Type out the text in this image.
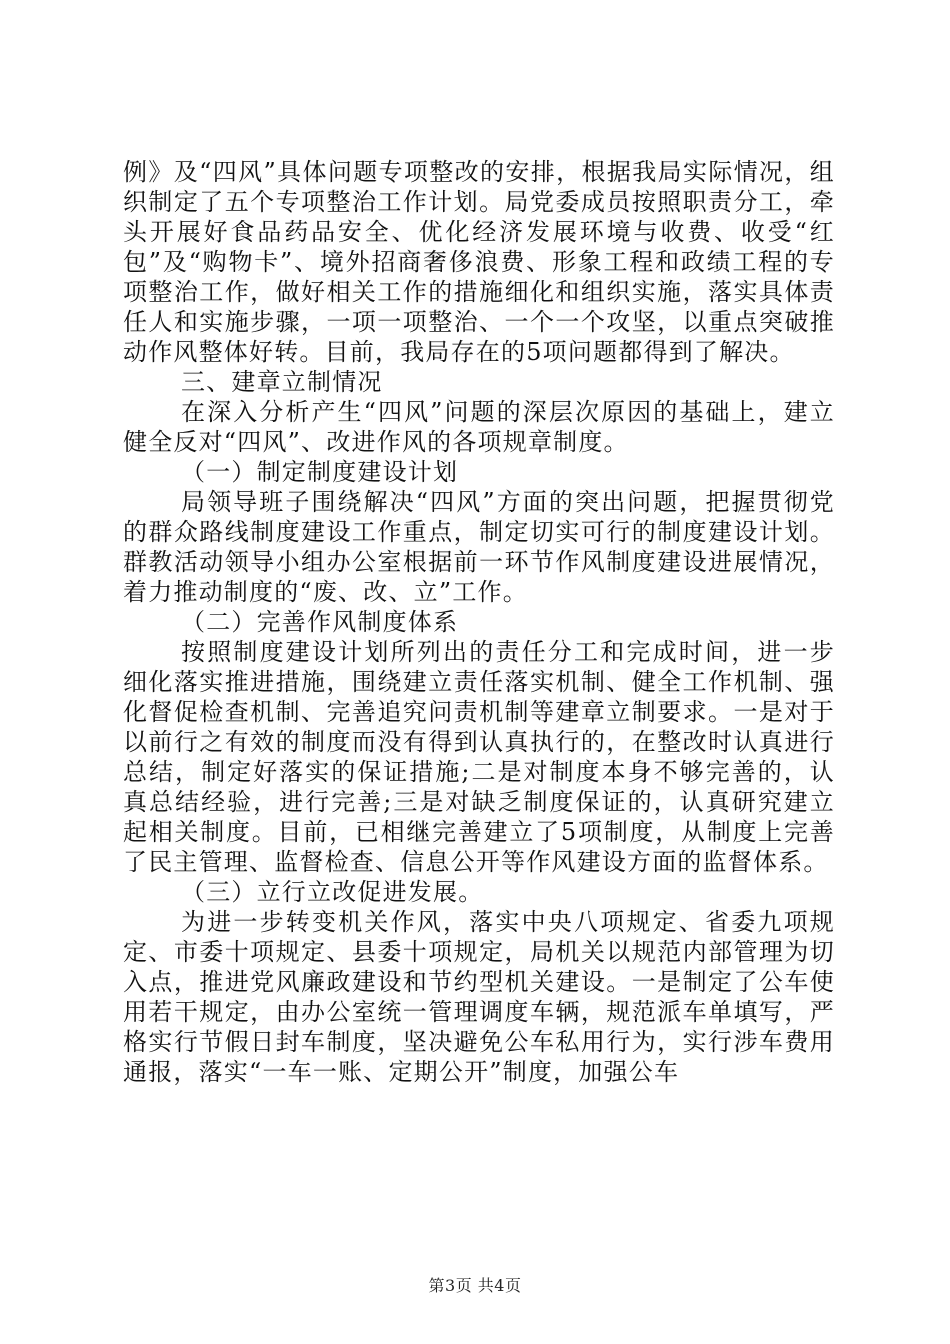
例》及“四风”具体问题专项整改的安排，根据我局实际情况，组织制定了五个专项整治工作计划。局党委成员按照职责分工，牵头开展好食品药品安全、优化经济发展环境与收费、收受“红包”及“购物卡”、境外招商奢侈浪费、形象工程和政绩工程的专项整治工作，做好相关工作的措施细化和组织实施，落实具体责任人和实施步骤，一项一项整治、一个一个攻坚，以重点突破推动作风整体好转。目前，我局存在的5项问题都得到了解决。

三、建章立制情况

在深入分析产生“四风”问题的深层次原因的基础上，建立健全反对“四风”、改进作风的各项规章制度。

（一）制定制度建设计划

局领导班子围绕解决“四风”方面的突出问题，把握贯彻党的群众路线制度建设工作重点，制定切实可行的制度建设计划。群教活动领导小组办公室根据前一环节作风制度建设进展情况，着力推动制度的“废、改、立”工作。

（二）完善作风制度体系

按照制度建设计划所列出的责任分工和完成时间，进一步细化落实推进措施，围绕建立责任落实机制、健全工作机制、强化督促检查机制、完善追究问责机制等建章立制要求。一是对于以前行之有效的制度而没有得到认真执行的，在整改时认真进行总结，制定好落实的保证措施;二是对制度本身不够完善的，认真总结经验，进行完善;三是对缺乏制度保证的，认真研究建立起相关制度。目前，已相继完善建立了5项制度，从制度上完善了民主管理、监督检查、信息公开等作风建设方面的监督体系。

（三）立行立改促进发展。

为进一步转变机关作风，落实中央八项规定、省委九项规定、市委十项规定、县委十项规定，局机关以规范内部管理为切入点，推进党风廉政建设和节约型机关建设。一是制定了公车使用若干规定，由办公室统一管理调度车辆，规范派车单填写，严格实行节假日封车制度，坚决避免公车私用行为，实行涉车费用通报，落实“一车一账、定期公开”制度，加强公车

第3页 共4页
